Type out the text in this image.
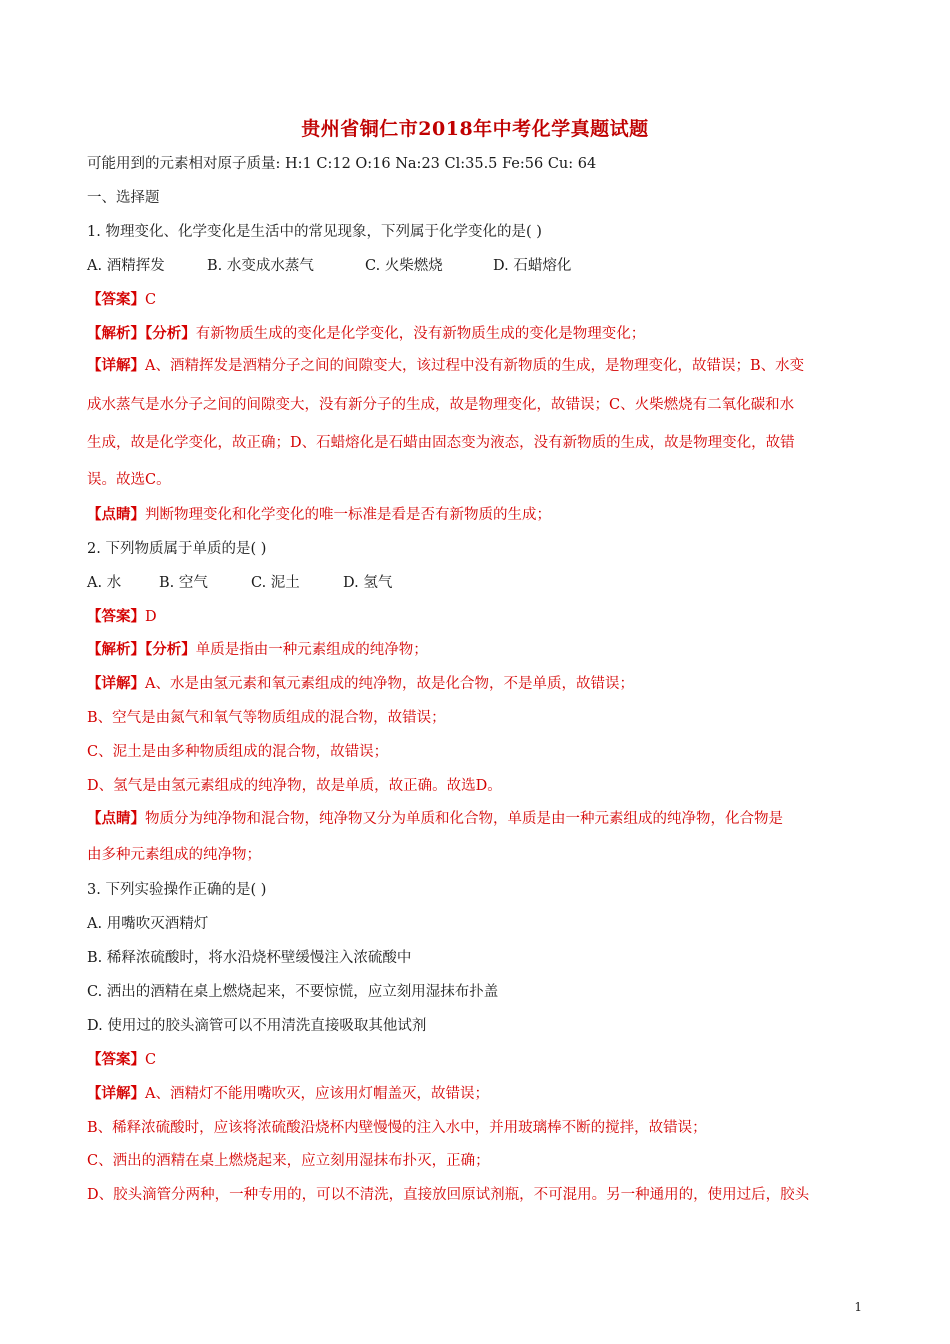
贵州省铜仁市2018年中考化学真题试题
可能用到的元素相对原子质量: H:1 C:12 O:16 Na:23 Cl:35.5 Fe:56 Cu: 64
一、选择题
1. 物理变化、化学变化是生活中的常见现象，下列属于化学变化的是( )
A. 酒精挥发	B. 水变成水蒸气	C. 火柴燃烧	D. 石蜡熔化
【答案】C
【解析】【分析】有新物质生成的变化是化学变化，没有新物质生成的变化是物理变化；
【详解】A、酒精挥发是酒精分子之间的间隙变大，该过程中没有新物质的生成，是物理变化，故错误；B、水变
成水蒸气是水分子之间的间隙变大，没有新分子的生成，故是物理变化，故错误；C、火柴燃烧有二氧化碳和水
生成，故是化学变化，故正确；D、石蜡熔化是石蜡由固态变为液态，没有新物质的生成，故是物理变化，故错
误。故选C。
【点睛】判断物理变化和化学变化的唯一标准是看是否有新物质的生成；
2. 下列物质属于单质的是( )
A. 水	B. 空气	C. 泥土	D. 氢气
【答案】D
【解析】【分析】单质是指由一种元素组成的纯净物；
【详解】A、水是由氢元素和氧元素组成的纯净物，故是化合物，不是单质，故错误；
B、空气是由氮气和氧气等物质组成的混合物，故错误；
C、泥土是由多种物质组成的混合物，故错误；
D、氢气是由氢元素组成的纯净物，故是单质，故正确。故选D。
【点睛】物质分为纯净物和混合物，纯净物又分为单质和化合物，单质是由一种元素组成的纯净物，化合物是
由多种元素组成的纯净物；
3. 下列实验操作正确的是( )
A. 用嘴吹灭酒精灯
B. 稀释浓硫酸时，将水沿烧杯壁缓慢注入浓硫酸中
C. 洒出的酒精在桌上燃烧起来，不要惊慌，应立刻用湿抹布扑盖
D. 使用过的胶头滴管可以不用清洗直接吸取其他试剂
【答案】C
【详解】A、酒精灯不能用嘴吹灭，应该用灯帽盖灭，故错误；
B、稀释浓硫酸时，应该将浓硫酸沿烧杯内壁慢慢的注入水中，并用玻璃棒不断的搅拌，故错误；
C、洒出的酒精在桌上燃烧起来，应立刻用湿抹布扑灭，正确；
D、胶头滴管分两种，一种专用的，可以不清洗，直接放回原试剂瓶，不可混用。另一种通用的，使用过后，胶头
1
